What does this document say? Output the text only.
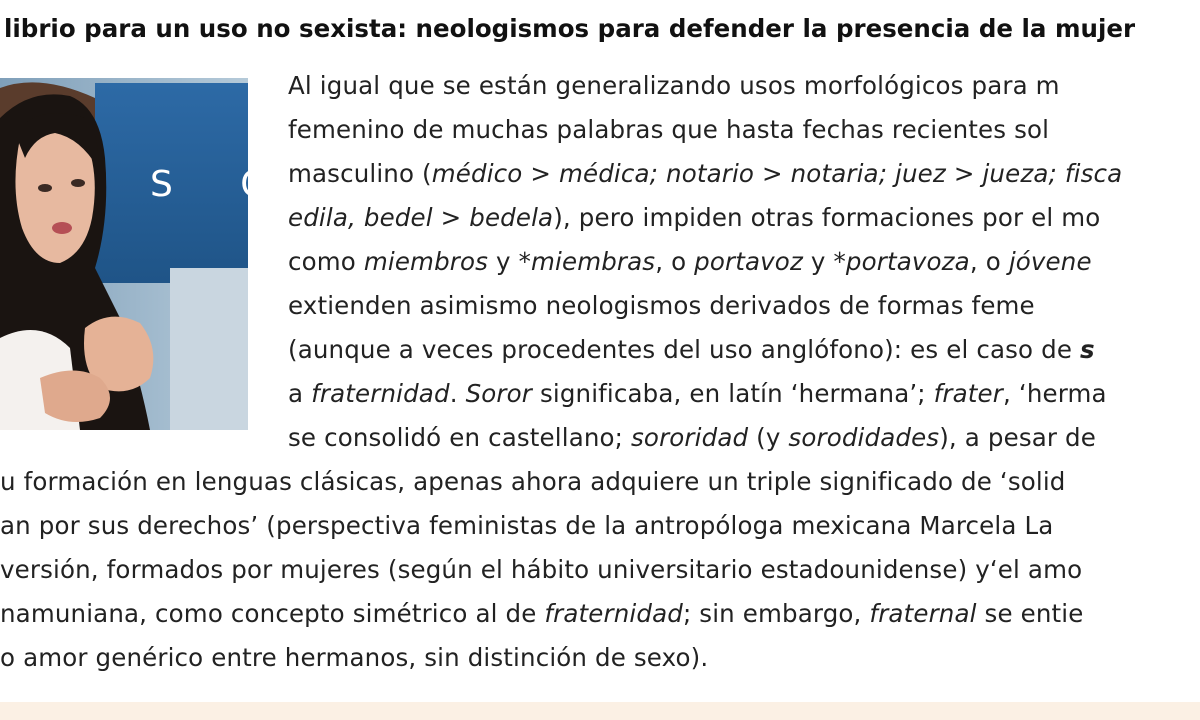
librio para un uso no sexista: neologismos para defender la presencia de la mujer
S O
Al igual que se están generalizando usos morfológicos para m
femenino de muchas palabras que hasta fechas recientes sol
masculino (médico > médica; notario > notaria; juez > jueza; fisca
edila, bedel > bedela), pero impiden otras formaciones por el mo
como miembros y *miembras, o portavoz y *portavoza, o jóvene
extienden asimismo neologismos derivados de formas feme
(aunque a veces procedentes del uso anglófono): es el caso de s
a fraternidad. Soror significaba, en latín ‘hermana’; frater, ‘herma
se consolidó en castellano; sororidad (y sorodidades), a pesar de
u formación en lenguas clásicas, apenas ahora adquiere un triple significado de ‘solid
an por sus derechos’ (perspectiva feministas de la antropóloga mexicana Marcela La
versión, formados por mujeres (según el hábito universitario estadounidense) y‘el amo
namuniana, como concepto simétrico al de fraternidad; sin embargo, fraternal se entie
o amor genérico entre hermanos, sin distinción de sexo).
